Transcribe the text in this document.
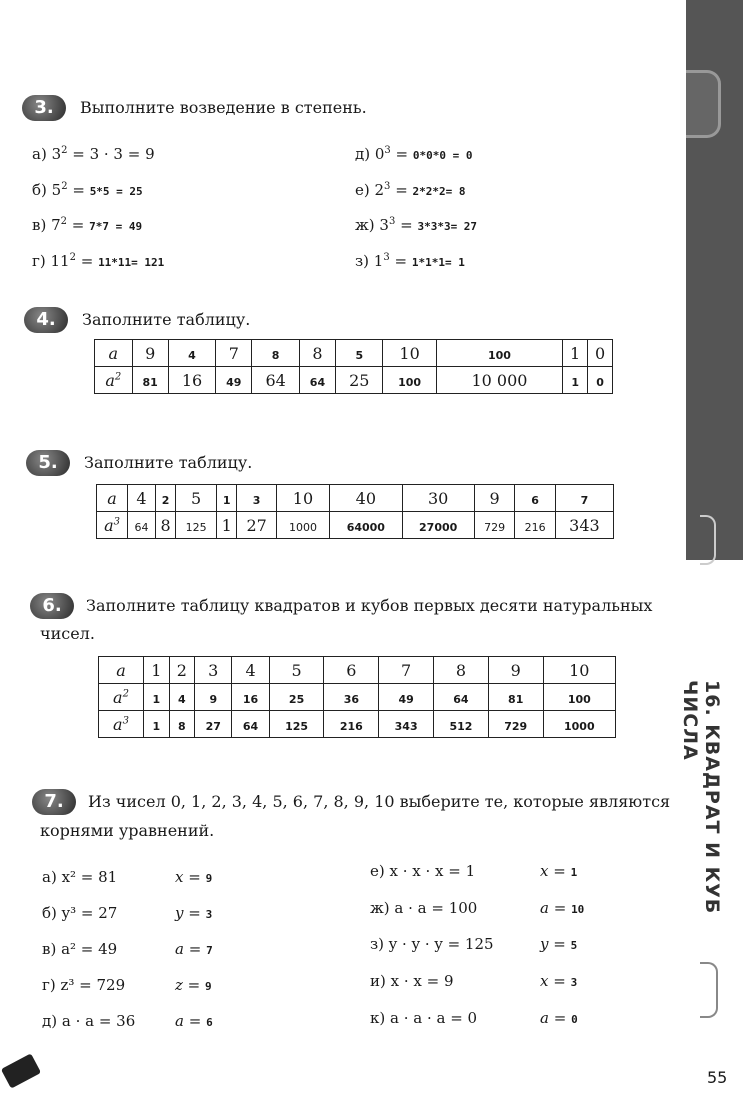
16. КВАДРАТ И КУБ ЧИСЛА
3.	Выполните возведение в степень.
а) $3^2 = 3 \cdot 3 = 9$
б) $5^2 = 5*5 = 25$
в) $7^2 = 7*7 = 49$
г) $11^2 = 11*11= 121$
д) $0^3 = 0*0*0 = 0$
е) $2^3 = 2*2*2= 8$
ж) $3^3 = 3*3*3= 27$
з) $1^3 = 1*1*1= 1$
4.	Заполните таблицу.
a	9	4	7	8	8	5	10	100	1	0
$a^2$	81	16	49	64	64	25	100	10 000	1	0
5.	Заполните таблицу.
a	4	2	5	1	3	10	40	30	9	6	7
$a^3$	64	8	125	1	27	1000	64000	27000	729	216	343
6.	Заполните таблицу квадратов и кубов первых десяти натуральных
чисел.
a	1	2	3	4	5	6	7	8	9	10
$a^2$	1	4	9	16	25	36	49	64	81	100
$a^3$	1	8	27	64	125	216	343	512	729	1000
7.	Из чисел 0, 1, 2, 3, 4, 5, 6, 7, 8, 9, 10 выберите те, которые являются
корнями уравнений.
а) x² = 81	x = 9
б) y³ = 27	y = 3
в) a² = 49	a = 7
г) z³ = 729	z = 9
д) a · a = 36	a = 6
е) x · x · x = 1	x = 1
ж) a · a = 100	a = 10
з) y · y · y = 125	y = 5
и) x · x = 9	x = 3
к) a · a · a = 0	a = 0
55
